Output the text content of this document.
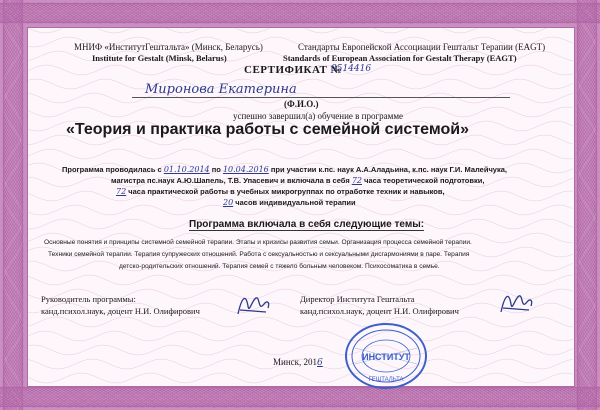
МНИФ «ИнститутГештальта» (Минск, Беларусь)
Institute for Gestalt (Minsk, Belarus)
Стандарты Европейской Ассоциации Гештальт Терапии (EAGT)
Standards of European Association for Gestalt Therapy (EAGT)
СЕРТИФИКАТ №
0514416
Миронова Екатерина
(Ф.И.О.)
успешно завершил(а) обучение в программе
«Теория и практика работы с семейной системой»
Программа проводилась с 01.10.2014 по 10.04.2016 при участии к.пс. наук А.А.Аладьина, к.пс. наук Г.И. Малейчука,
магистра пс.наук А.Ю.Шапель, Т.В. Упасевич и включала в себя 72 часа теоретической подготовки,
72 часа практической работы в учебных микрогруппах по отработке техник и навыков,
20 часов индивидуальной терапии
Программа включала в себя следующие темы:
Основные понятия и принципы системной семейной терапии. Этапы и кризисы развития семьи. Организация процесса семейной терапии.
Техники семейной терапии. Терапия супружеских отношений. Работа с сексуальностью и сексуальными дисгармониями в паре. Терапия
детско-родительских отношений. Терапия семей с тяжело больным человеком. Психосоматика в семье.
Руководитель программы:
канд.психол.наук, доцент Н.И. Олифирович
Директор Института Гештальта
канд.психол.наук, доцент Н.И. Олифирович
ИНСТИТУТ
ГЕШТАЛЬТА
Минск, 2016
